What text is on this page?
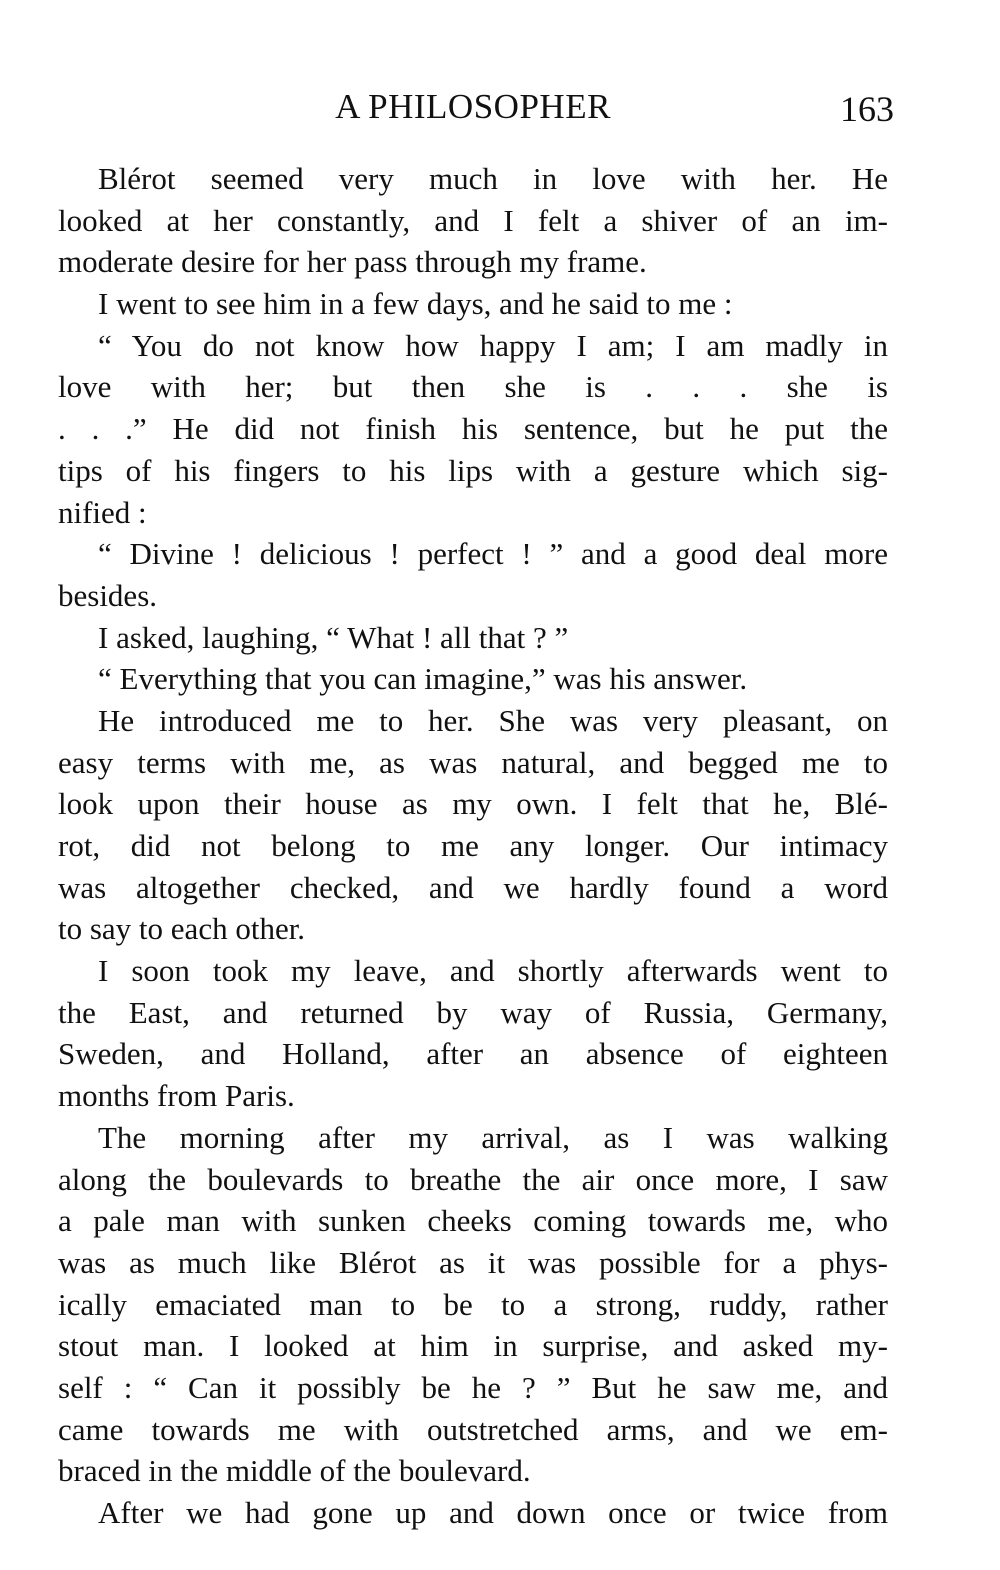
A PHILOSOPHER	163
Blérot seemed very much in love with her. He
looked at her constantly, and I felt a shiver of an im-
moderate desire for her pass through my frame.
I went to see him in a few days, and he said to me :
“ You do not know how happy I am; I am madly in
love with her; but then she is . . . she is
. . .” He did not finish his sentence, but he put the
tips of his fingers to his lips with a gesture which sig-
nified :
“ Divine ! delicious ! perfect ! ” and a good deal more
besides.
I asked, laughing, “ What ! all that ? ”
“ Everything that you can imagine,” was his answer.
He introduced me to her. She was very pleasant, on
easy terms with me, as was natural, and begged me to
look upon their house as my own. I felt that he, Blé-
rot, did not belong to me any longer. Our intimacy
was altogether checked, and we hardly found a word
to say to each other.
I soon took my leave, and shortly afterwards went to
the East, and returned by way of Russia, Germany,
Sweden, and Holland, after an absence of eighteen
months from Paris.
The morning after my arrival, as I was walking
along the boulevards to breathe the air once more, I saw
a pale man with sunken cheeks coming towards me, who
was as much like Blérot as it was possible for a phys-
ically emaciated man to be to a strong, ruddy, rather
stout man. I looked at him in surprise, and asked my-
self : “ Can it possibly be he ? ” But he saw me, and
came towards me with outstretched arms, and we em-
braced in the middle of the boulevard.
After we had gone up and down once or twice from
